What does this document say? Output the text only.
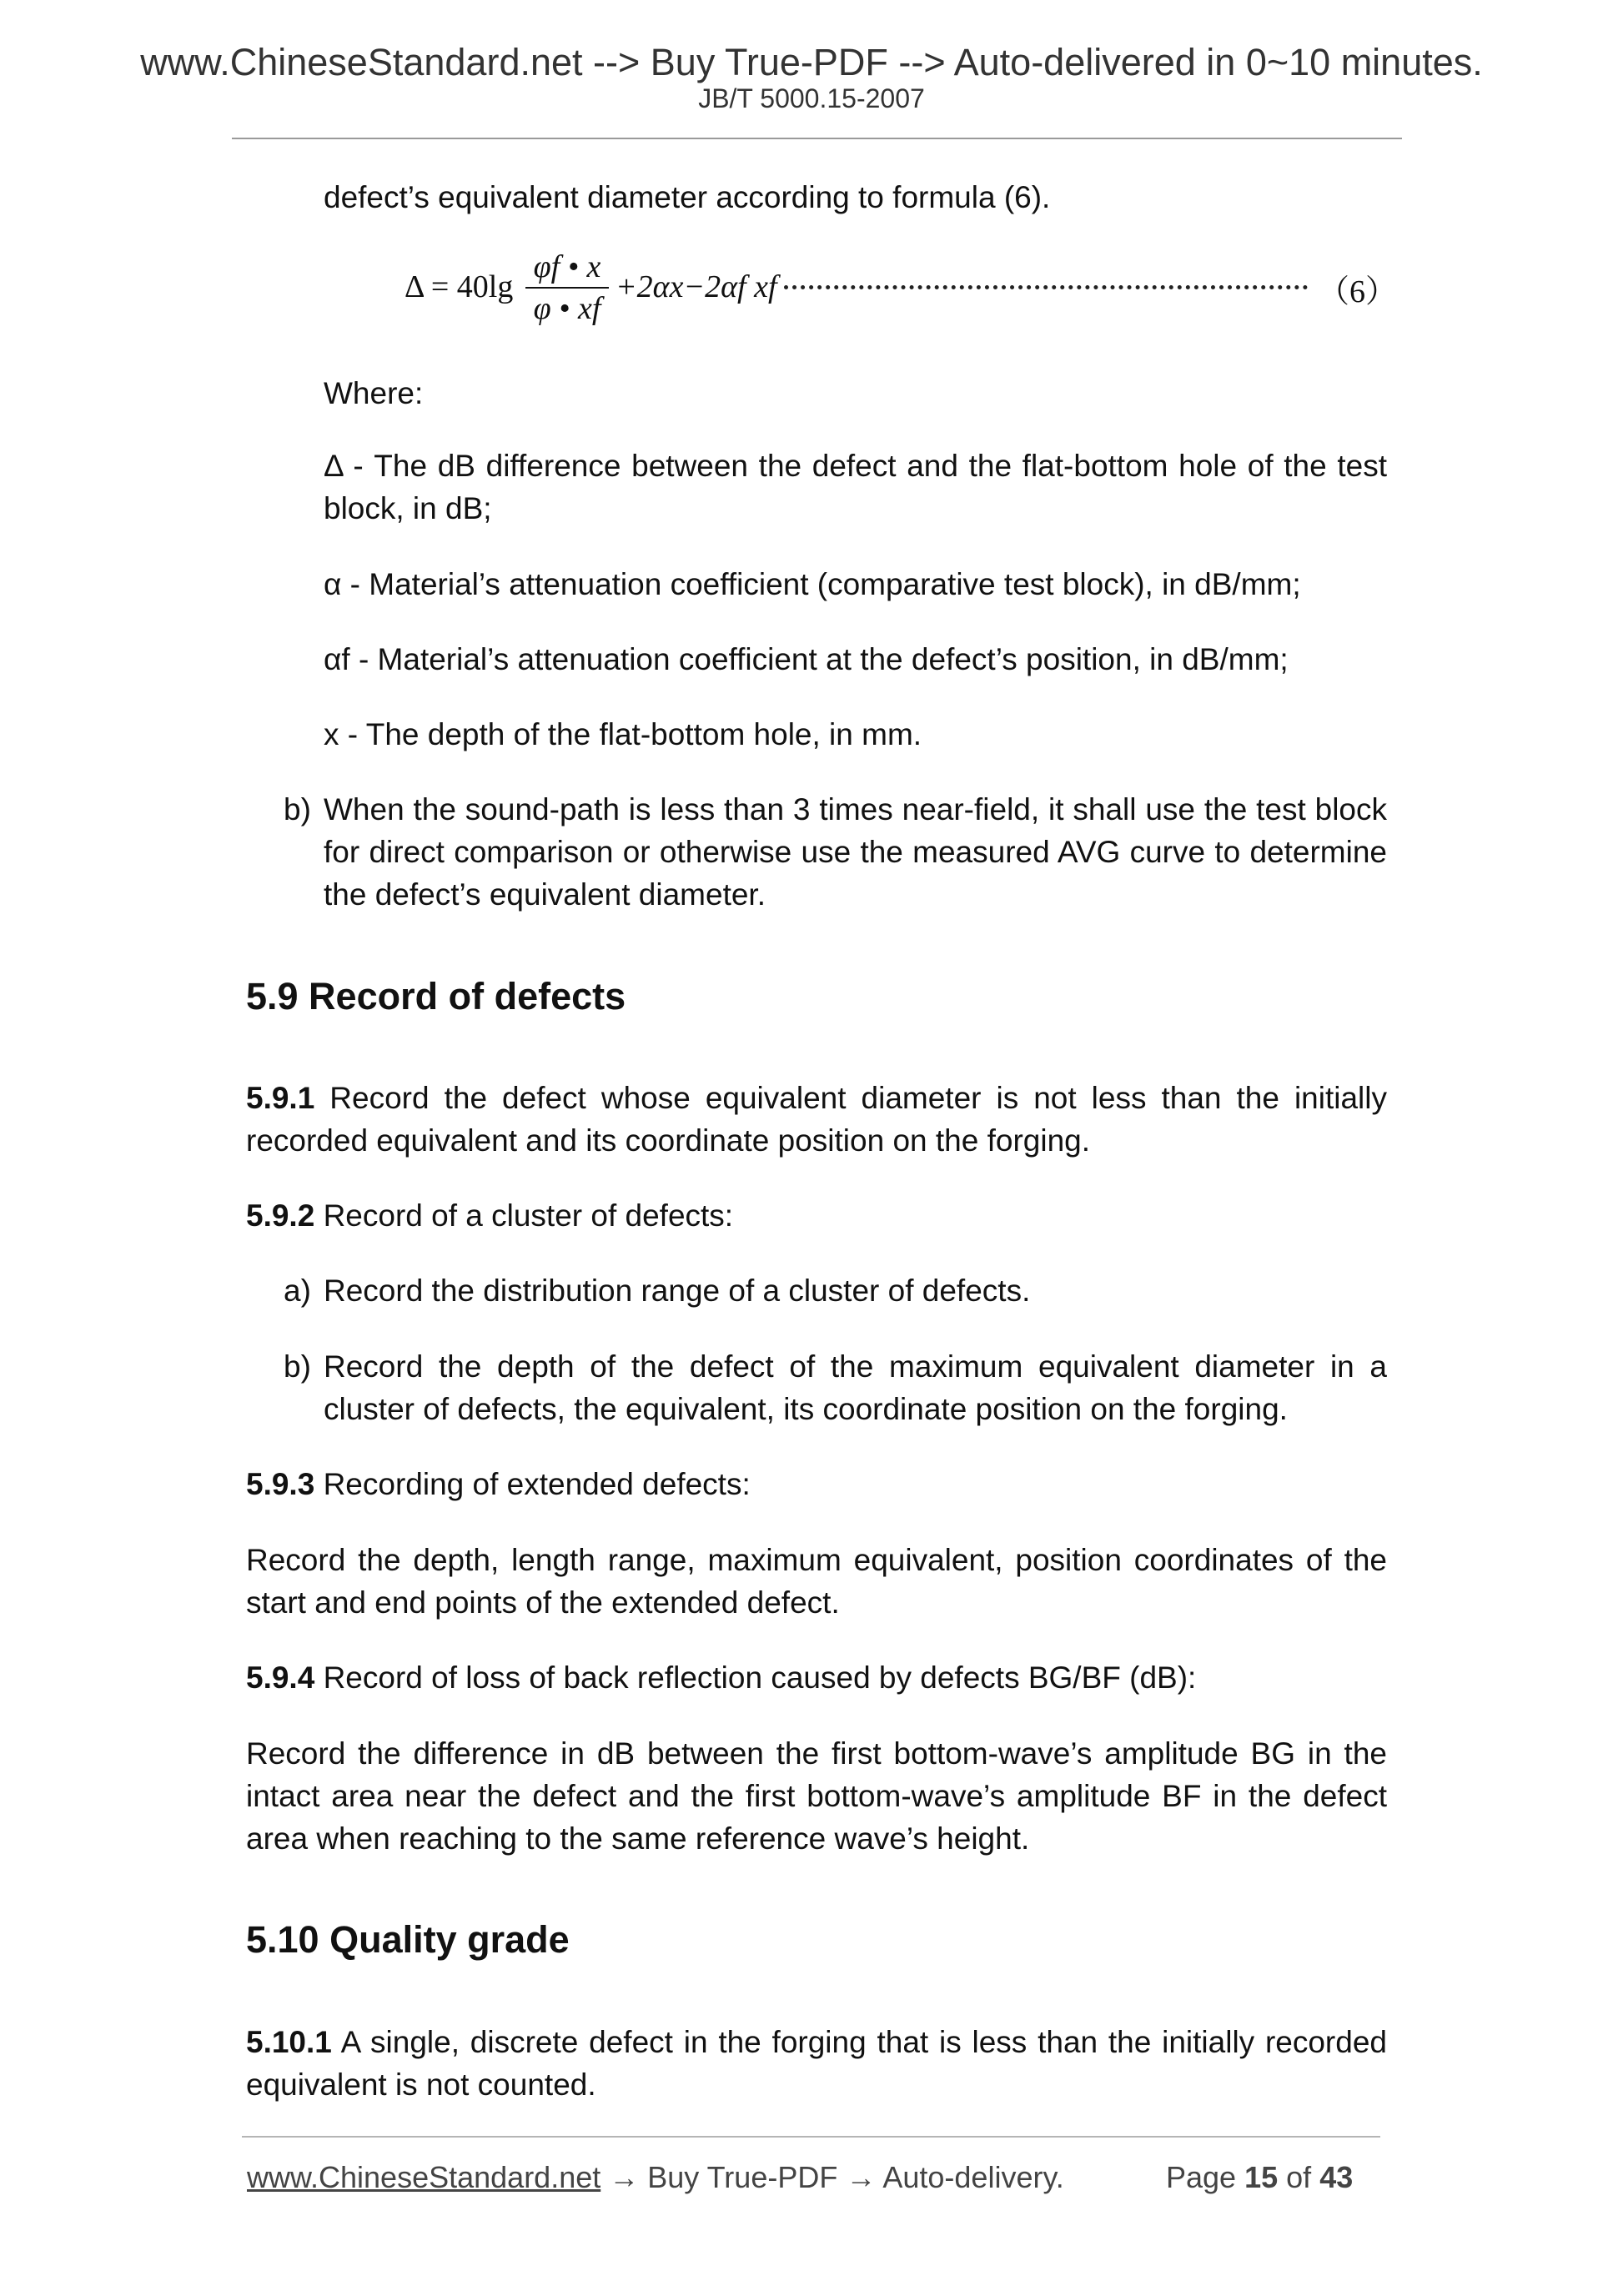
www.ChineseStandard.net --> Buy True-PDF --> Auto-delivered in 0~10 minutes.
JB/T 5000.15-2007
defect’s equivalent diameter according to formula (6).
Δ = 40lg
φf • x
φ • xf
+2αx−2αf xf	（6）
Where:
Δ - The dB difference between the defect and the flat-bottom hole of the test block, in dB;
α - Material’s attenuation coefficient (comparative test block), in dB/mm;
αf - Material’s attenuation coefficient at the defect’s position, in dB/mm;
x - The depth of the flat-bottom hole, in mm.
b) When the sound-path is less than 3 times near-field, it shall use the test block for direct comparison or otherwise use the measured AVG curve to determine the defect’s equivalent diameter.
5.9 Record of defects
5.9.1 Record the defect whose equivalent diameter is not less than the initially recorded equivalent and its coordinate position on the forging.
5.9.2 Record of a cluster of defects:
a) Record the distribution range of a cluster of defects.
b) Record the depth of the defect of the maximum equivalent diameter in a cluster of defects, the equivalent, its coordinate position on the forging.
5.9.3 Recording of extended defects:
Record the depth, length range, maximum equivalent, position coordinates of the start and end points of the extended defect.
5.9.4 Record of loss of back reflection caused by defects BG/BF (dB):
Record the difference in dB between the first bottom-wave’s amplitude BG in the intact area near the defect and the first bottom-wave’s amplitude BF in the defect area when reaching to the same reference wave’s height.
5.10 Quality grade
5.10.1 A single, discrete defect in the forging that is less than the initially recorded equivalent is not counted.
www.ChineseStandard.net → Buy True-PDF → Auto-delivery.	Page 15 of 43
